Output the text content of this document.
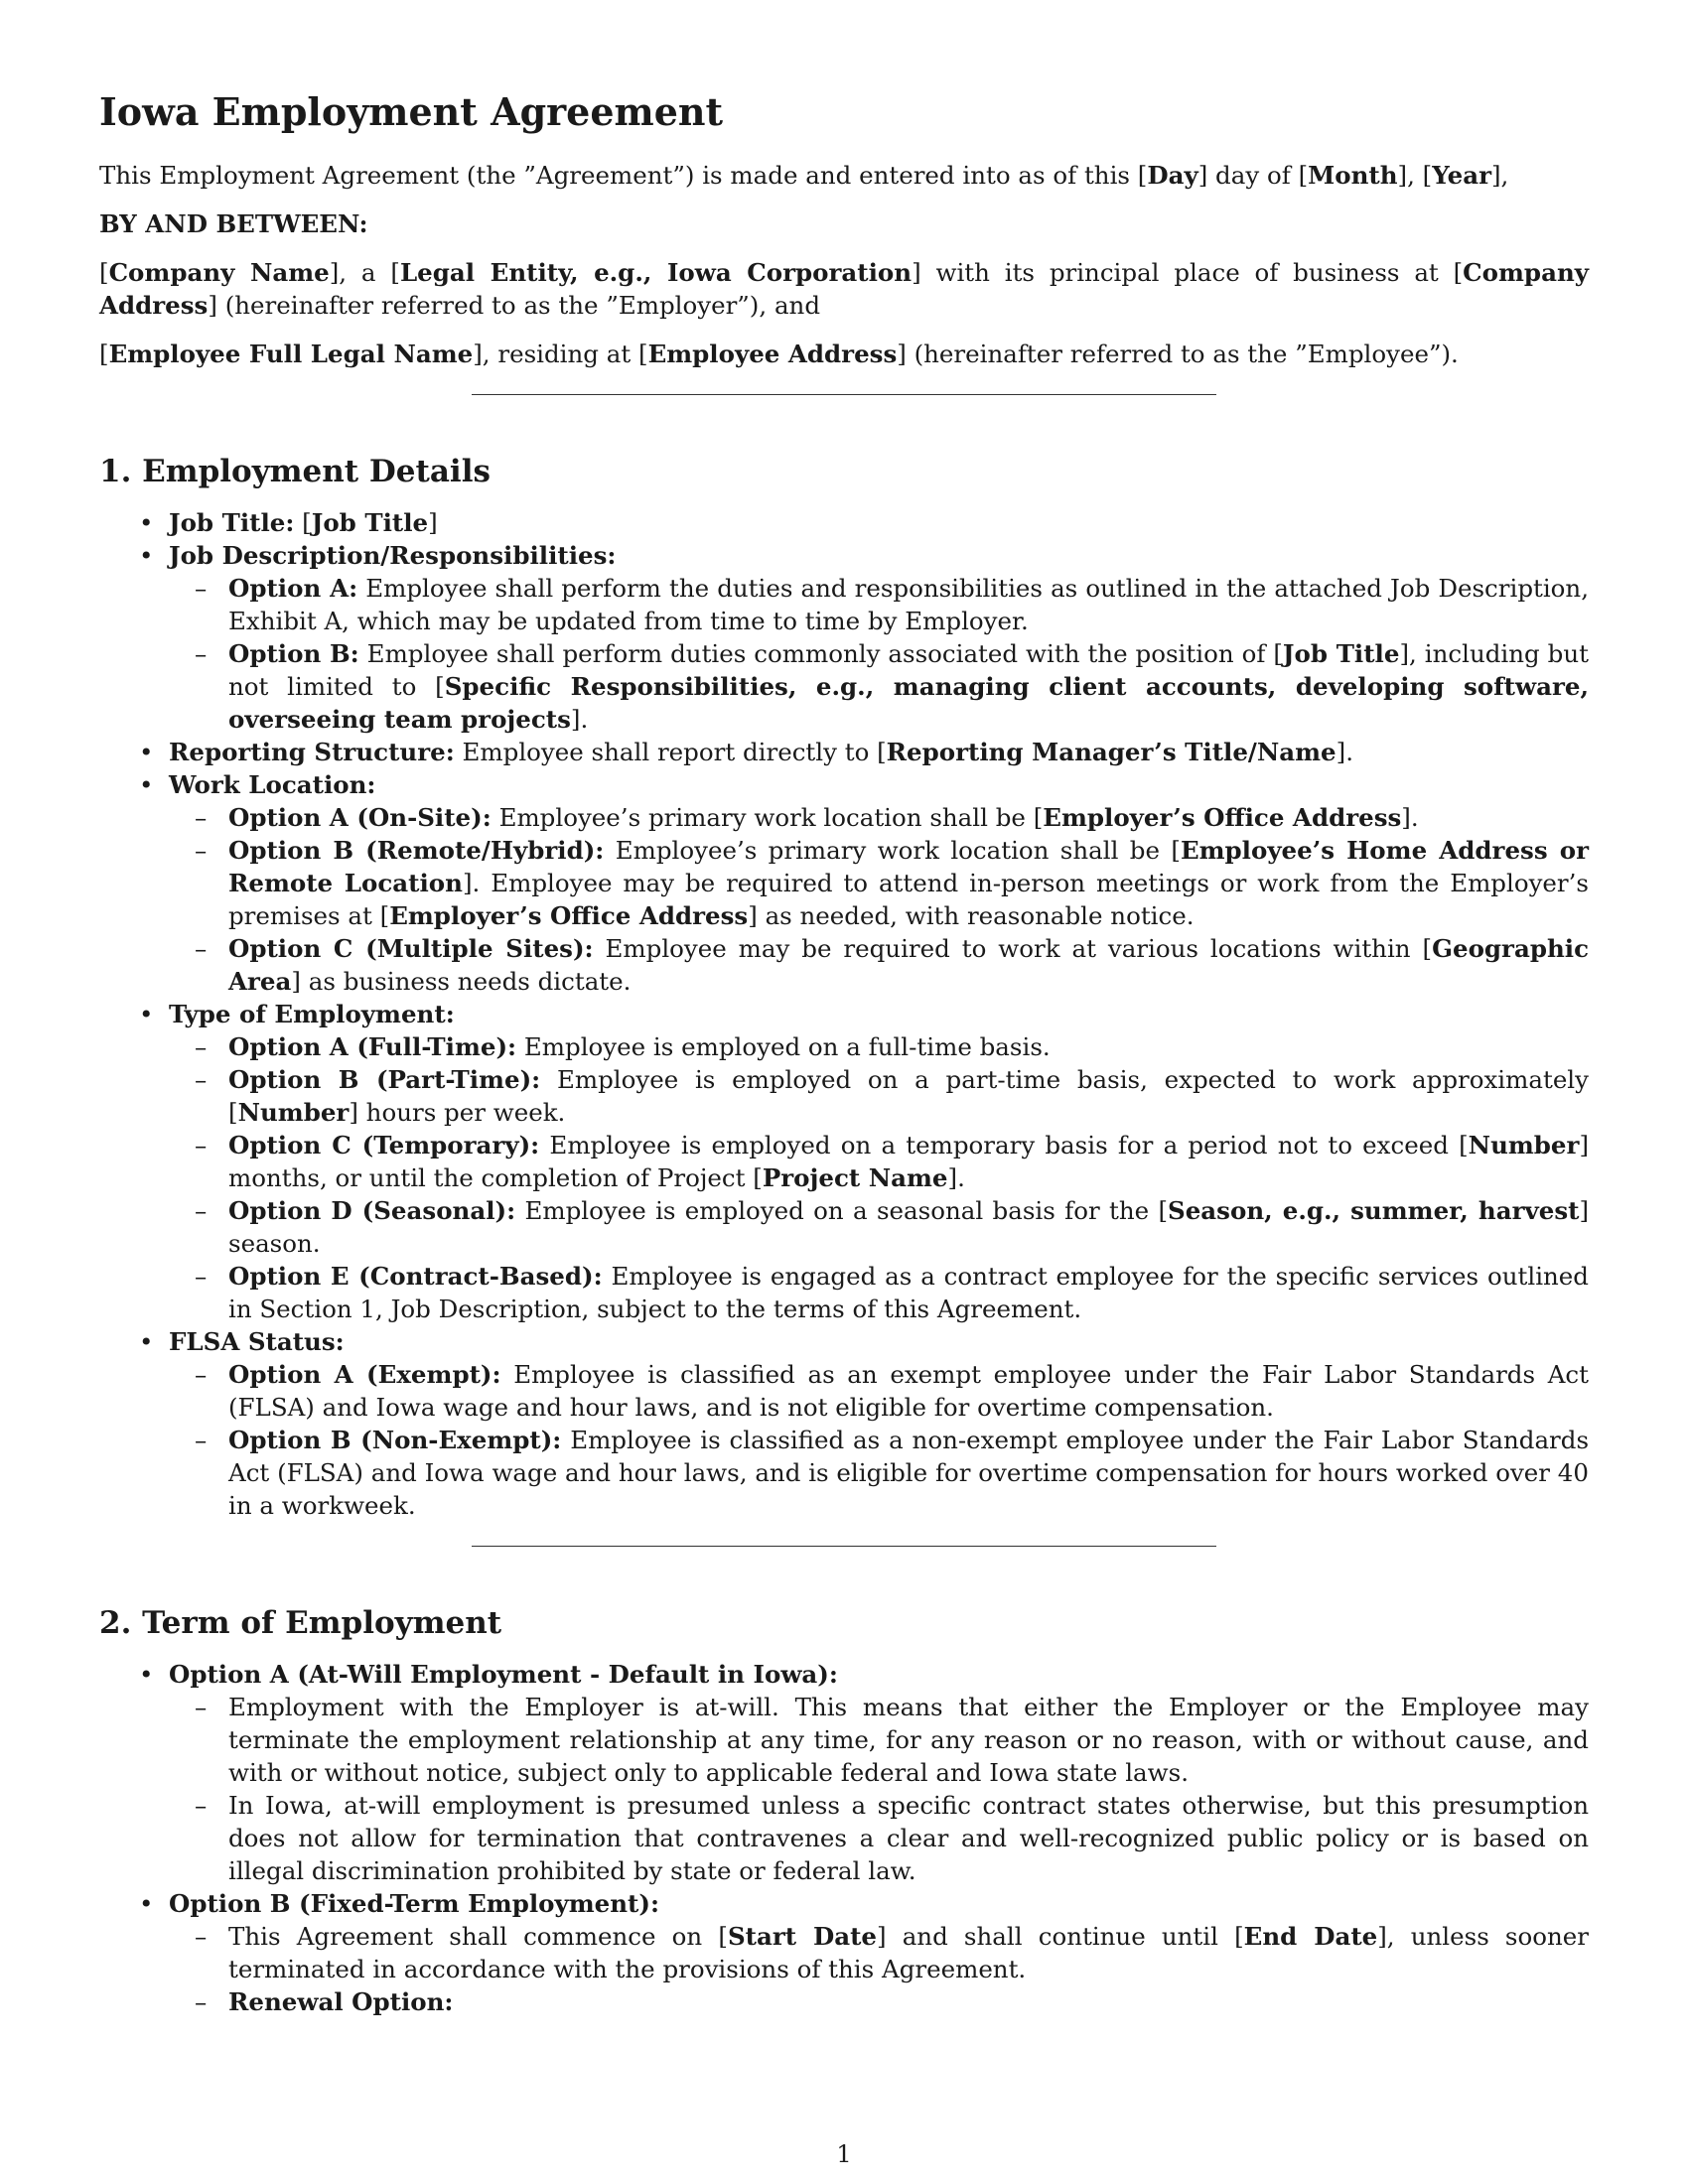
Iowa Employment Agreement

This Employment Agreement (the ”Agreement”) is made and entered into as of this [Day] day of [Month], [Year],

BY AND BETWEEN:

[Company Name], a [Legal Entity, e.g., Iowa Corporation] with its principal place of business at [Company Address] (hereinafter referred to as the ”Employer”), and

[Employee Full Legal Name], residing at [Employee Address] (hereinafter referred to as the ”Employee”).

1. Employment Details
• Job Title: [Job Title]
• Job Description/Responsibilities:
– Option A: Employee shall perform the duties and responsibilities as outlined in the attached Job Description, Exhibit A, which may be updated from time to time by Employer.
– Option B: Employee shall perform duties commonly associated with the position of [Job Title], including but not limited to [Specific Responsibilities, e.g., managing client accounts, developing software, overseeing team projects].
• Reporting Structure: Employee shall report directly to [Reporting Manager’s Title/Name].
• Work Location:
– Option A (On-Site): Employee’s primary work location shall be [Employer’s Office Address].
– Option B (Remote/Hybrid): Employee’s primary work location shall be [Employee’s Home Address or Remote Location]. Employee may be required to attend in-person meetings or work from the Employer’s premises at [Employer’s Office Address] as needed, with reasonable notice.
– Option C (Multiple Sites): Employee may be required to work at various locations within [Geographic Area] as business needs dictate.
• Type of Employment:
– Option A (Full-Time): Employee is employed on a full-time basis.
– Option B (Part-Time): Employee is employed on a part-time basis, expected to work approximately [Number] hours per week.
– Option C (Temporary): Employee is employed on a temporary basis for a period not to exceed [Number] months, or until the completion of Project [Project Name].
– Option D (Seasonal): Employee is employed on a seasonal basis for the [Season, e.g., summer, harvest] season.
– Option E (Contract-Based): Employee is engaged as a contract employee for the specific services outlined in Section 1, Job Description, subject to the terms of this Agreement.
• FLSA Status:
– Option A (Exempt): Employee is classified as an exempt employee under the Fair Labor Standards Act (FLSA) and Iowa wage and hour laws, and is not eligible for overtime compensation.
– Option B (Non-Exempt): Employee is classified as a non-exempt employee under the Fair Labor Standards Act (FLSA) and Iowa wage and hour laws, and is eligible for overtime compensation for hours worked over 40 in a workweek.
2. Term of Employment
• Option A (At-Will Employment - Default in Iowa):
– Employment with the Employer is at-will. This means that either the Employer or the Employee may terminate the employment relationship at any time, for any reason or no reason, with or without cause, and with or without notice, subject only to applicable federal and Iowa state laws.
– In Iowa, at-will employment is presumed unless a specific contract states otherwise, but this presumption does not allow for termination that contravenes a clear and well-recognized public policy or is based on illegal discrimination prohibited by state or federal law.
• Option B (Fixed-Term Employment):
– This Agreement shall commence on [Start Date] and shall continue until [End Date], unless sooner terminated in accordance with the provisions of this Agreement.
– Renewal Option:
1
